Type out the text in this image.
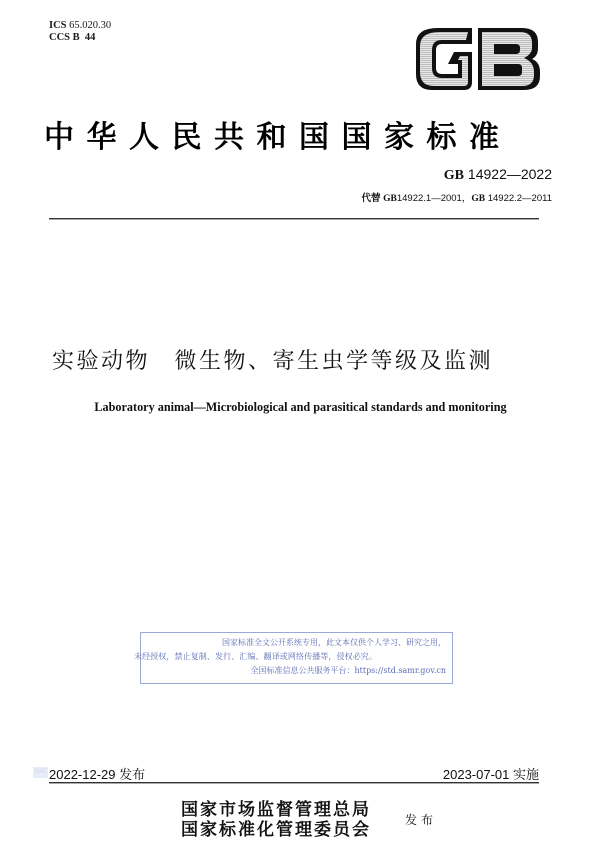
ICS 65.020.30
CCS B  44
中华人民共和国国家标准
GB 14922—2022
代替 GB14922.1—2001，GB 14922.2—2011
实验动物　微生物、寄生虫学等级及监测
Laboratory animal—Microbiological and parasitical standards and monitoring
国家标准全文公开系统专用，此文本仅供个人学习、研究之用，
未经授权，禁止复制、发行、汇编、翻译或网络传播等，侵权必究。
全国标准信息公共服务平台：https://std.samr.gov.cn
SAC 2022-12-29 发布	2023-07-01 实施
国家市场监督管理总局
国家标准化管理委员会	发布
